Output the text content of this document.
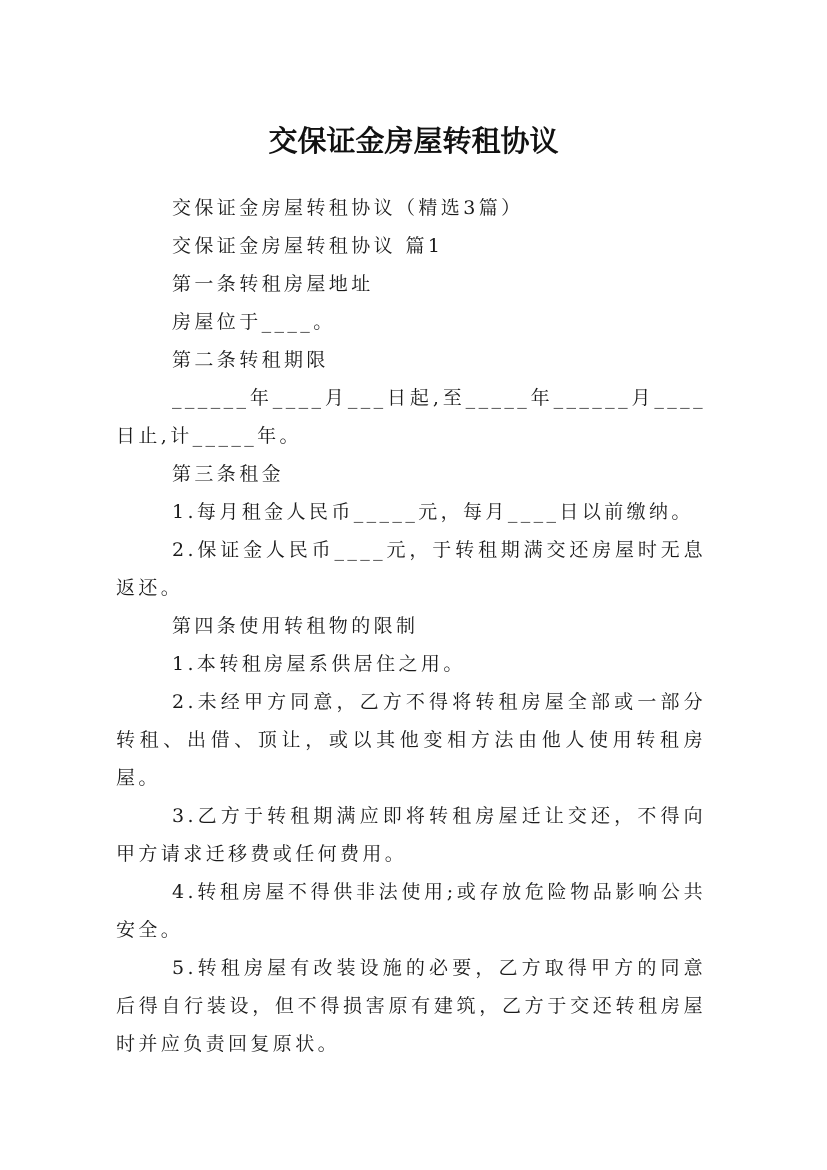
交保证金房屋转租协议

交保证金房屋转租协议（精选3篇）

交保证金房屋转租协议 篇1

第一条转租房屋地址

房屋位于____。

第二条转租期限

______年____月___日起,至_____年______月____日止,计_____年。

第三条租金

1.每月租金人民币_____元，每月____日以前缴纳。

2.保证金人民币____元，于转租期满交还房屋时无息返还。

第四条使用转租物的限制

1.本转租房屋系供居住之用。

2.未经甲方同意，乙方不得将转租房屋全部或一部分转租、出借、顶让，或以其他变相方法由他人使用转租房屋。

3.乙方于转租期满应即将转租房屋迁让交还，不得向甲方请求迁移费或任何费用。

4.转租房屋不得供非法使用;或存放危险物品影响公共安全。

5.转租房屋有改装设施的必要，乙方取得甲方的同意后得自行装设，但不得损害原有建筑，乙方于交还转租房屋时并应负责回复原状。
